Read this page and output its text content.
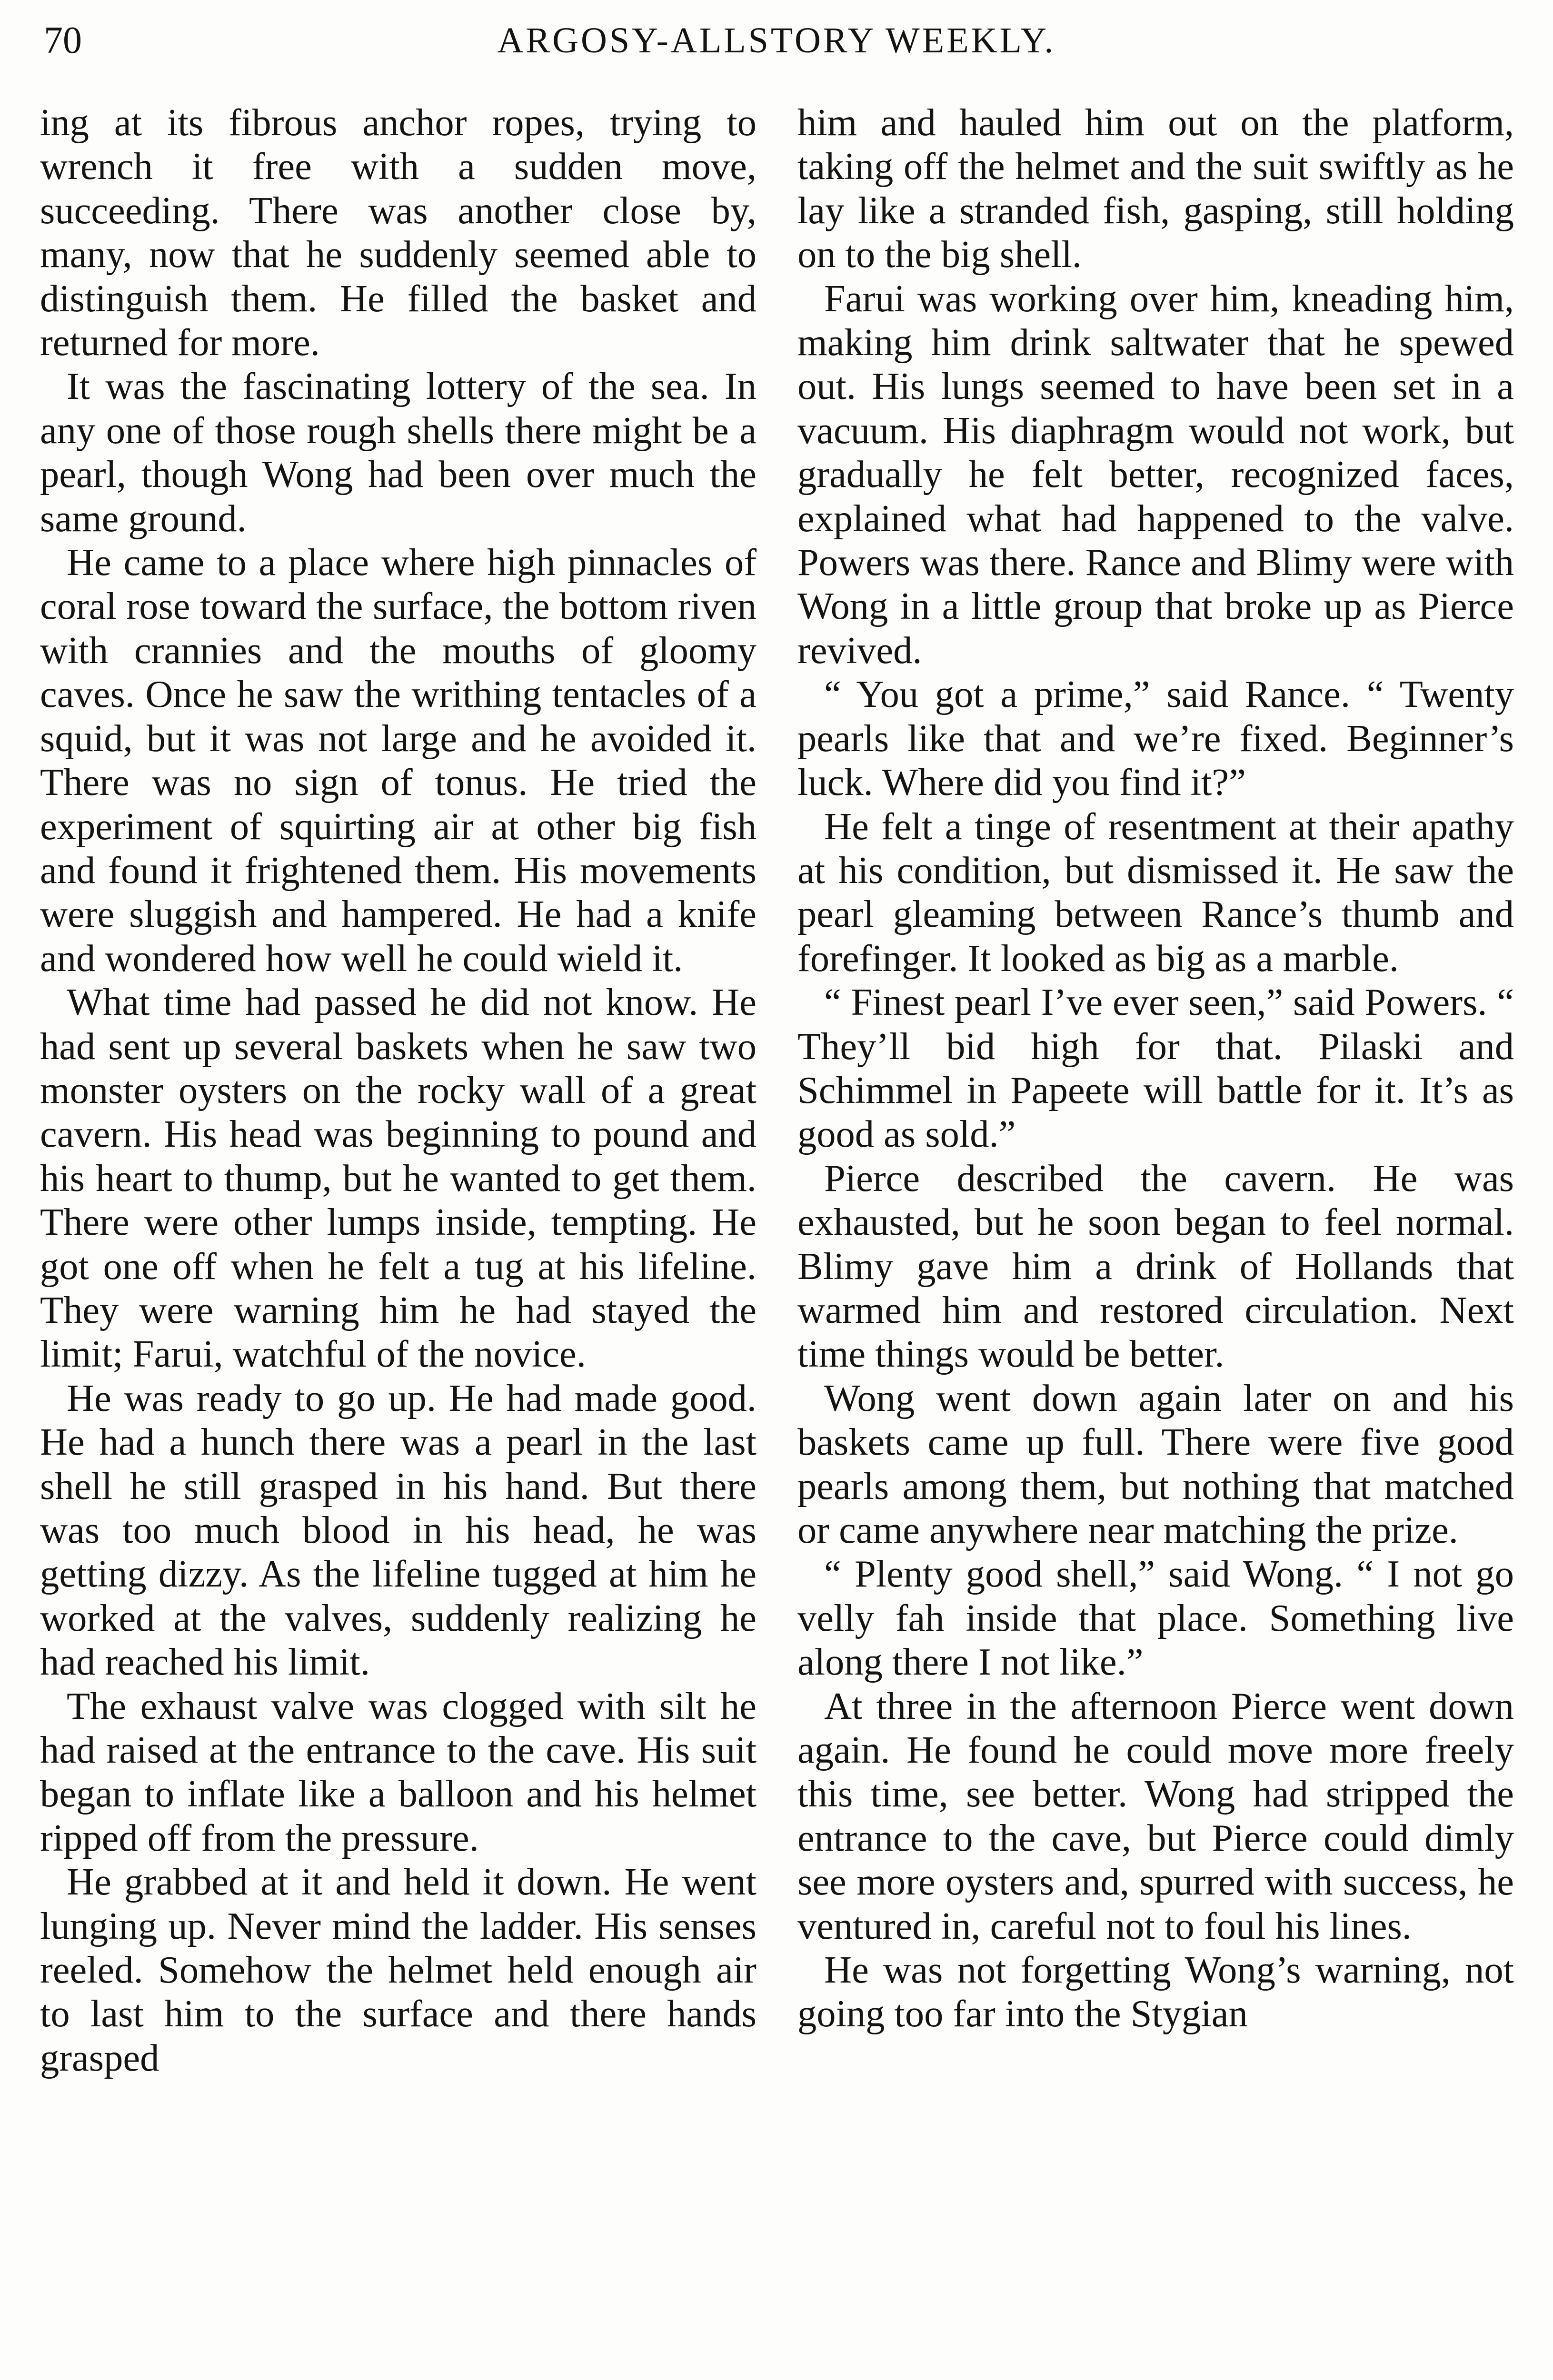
70	ARGOSY-ALLSTORY WEEKLY.

ing at its fibrous anchor ropes, trying to wrench it free with a sudden move, succeeding. There was another close by, many, now that he suddenly seemed able to distinguish them. He filled the basket and returned for more.

It was the fascinating lottery of the sea. In any one of those rough shells there might be a pearl, though Wong had been over much the same ground.

He came to a place where high pinnacles of coral rose toward the surface, the bottom riven with crannies and the mouths of gloomy caves. Once he saw the writhing tentacles of a squid, but it was not large and he avoided it. There was no sign of tonus. He tried the experiment of squirting air at other big fish and found it frightened them. His movements were sluggish and hampered. He had a knife and wondered how well he could wield it.

What time had passed he did not know. He had sent up several baskets when he saw two monster oysters on the rocky wall of a great cavern. His head was beginning to pound and his heart to thump, but he wanted to get them. There were other lumps inside, tempting. He got one off when he felt a tug at his lifeline. They were warning him he had stayed the limit; Farui, watchful of the novice.

He was ready to go up. He had made good. He had a hunch there was a pearl in the last shell he still grasped in his hand. But there was too much blood in his head, he was getting dizzy. As the lifeline tugged at him he worked at the valves, suddenly realizing he had reached his limit.

The exhaust valve was clogged with silt he had raised at the entrance to the cave. His suit began to inflate like a balloon and his helmet ripped off from the pressure.

He grabbed at it and held it down. He went lunging up. Never mind the ladder. His senses reeled. Somehow the helmet held enough air to last him to the surface and there hands grasped

him and hauled him out on the platform, taking off the helmet and the suit swiftly as he lay like a stranded fish, gasping, still holding on to the big shell.

Farui was working over him, kneading him, making him drink saltwater that he spewed out. His lungs seemed to have been set in a vacuum. His diaphragm would not work, but gradually he felt better, recognized faces, explained what had happened to the valve. Powers was there. Rance and Blimy were with Wong in a little group that broke up as Pierce revived.

“ You got a prime,” said Rance. “ Twenty pearls like that and we’re fixed. Beginner’s luck. Where did you find it?”

He felt a tinge of resentment at their apathy at his condition, but dismissed it. He saw the pearl gleaming between Rance’s thumb and forefinger. It looked as big as a marble.

“ Finest pearl I’ve ever seen,” said Powers. “ They’ll bid high for that. Pilaski and Schimmel in Papeete will battle for it. It’s as good as sold.”

Pierce described the cavern. He was exhausted, but he soon began to feel normal. Blimy gave him a drink of Hollands that warmed him and restored circulation. Next time things would be better.

Wong went down again later on and his baskets came up full. There were five good pearls among them, but nothing that matched or came anywhere near matching the prize.

“ Plenty good shell,” said Wong. “ I not go velly fah inside that place. Something live along there I not like.”

At three in the afternoon Pierce went down again. He found he could move more freely this time, see better. Wong had stripped the entrance to the cave, but Pierce could dimly see more oysters and, spurred with success, he ventured in, careful not to foul his lines.

He was not forgetting Wong’s warning, not going too far into the Stygian
